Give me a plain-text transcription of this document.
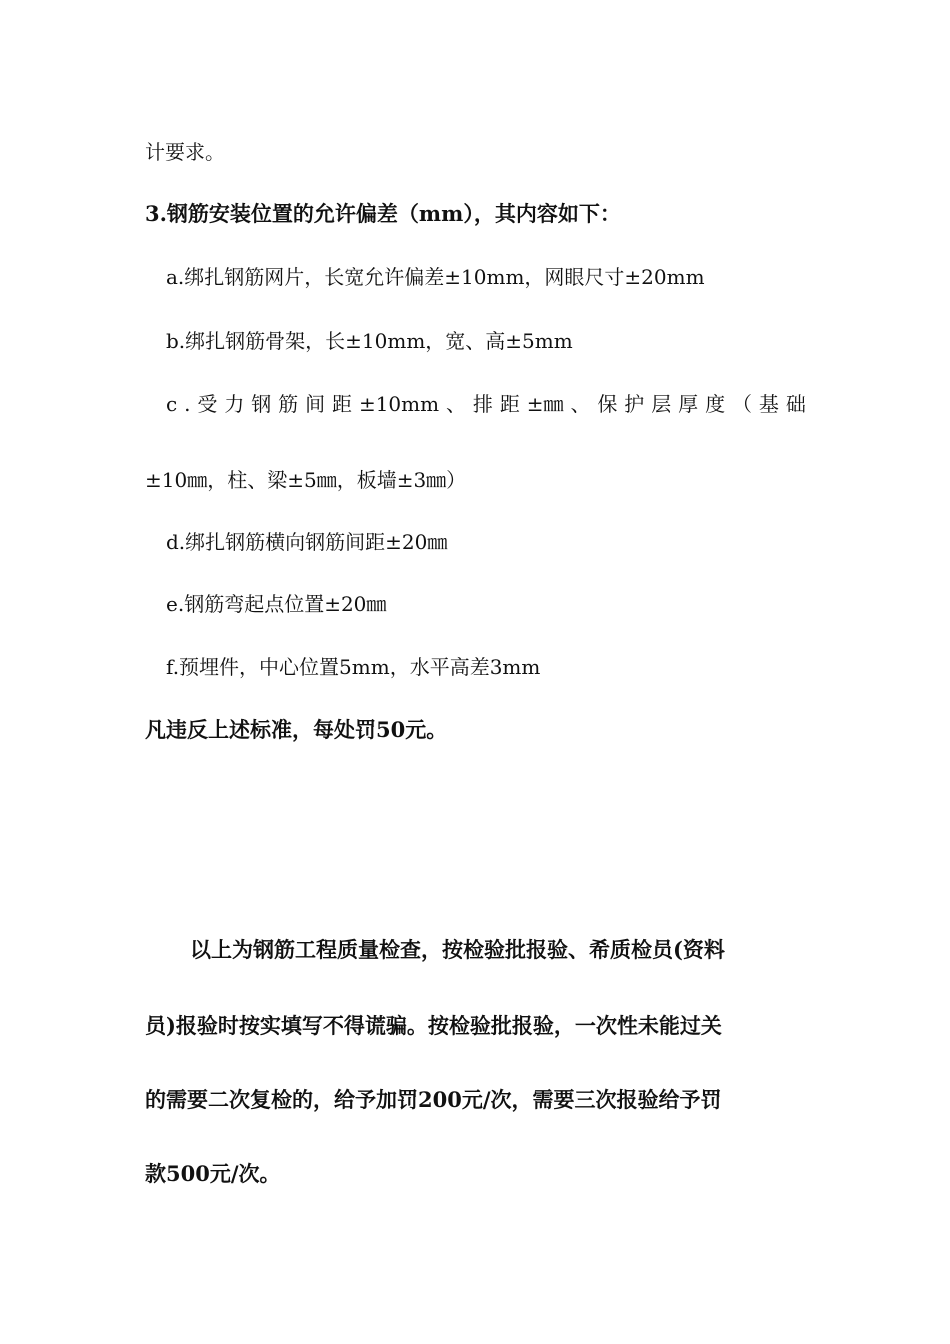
计要求。
3.钢筋安装位置的允许偏差（mm），其内容如下：
a.绑扎钢筋网片，长宽允许偏差±10mm，网眼尺寸±20mm
b.绑扎钢筋骨架，长±10mm，宽、高±5mm
c . 受 力 钢 筋 间 距 ±10mm 、 排 距 ±㎜ 、 保 护 层 厚 度 （ 基 础
±10㎜，柱、梁±5㎜，板墙±3㎜）
d.绑扎钢筋横向钢筋间距±20㎜
e.钢筋弯起点位置±20㎜
f.预埋件，中心位置5mm，水平高差3mm
凡违反上述标准，每处罚50元。
以上为钢筋工程质量检查，按检验批报验、希质检员(资料
员)报验时按实填写不得谎骗。按检验批报验，一次性未能过关
的需要二次复检的，给予加罚200元/次，需要三次报验给予罚
款500元/次。
